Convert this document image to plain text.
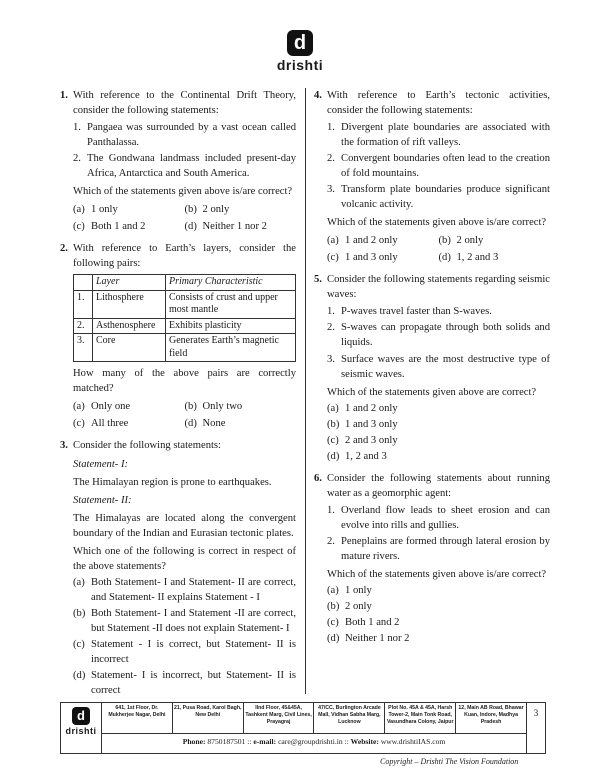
d
drishti
1. With reference to the Continental Drift Theory, consider the following statements:
1. Pangaea was surrounded by a vast ocean called Panthalassa.
2. The Gondwana landmass included present-day Africa, Antarctica and South America.
Which of the statements given above is/are correct?
(a) 1 only	(b) 2 only
(c) Both 1 and 2	(d) Neither 1 nor 2
2. With reference to Earth’s layers, consider the following pairs:
	Layer	Primary Characteristic
1.	Lithosphere	Consists of crust and upper most mantle
2.	Asthenosphere	Exhibits plasticity
3.	Core	Generates Earth’s magnetic field
How many of the above pairs are correctly matched?
(a) Only one	(b) Only two
(c) All three	(d) None
3. Consider the following statements:
Statement- I:
The Himalayan region is prone to earthquakes.
Statement- II:
The Himalayas are located along the convergent boundary of the Indian and Eurasian tectonic plates.
Which one of the following is correct in respect of the above statements?
(a) Both Statement- I and Statement- II are correct, and Statement- II explains Statement - I
(b) Both Statement- I and Statement -II are correct, but Statement -II does not explain Statement- I
(c) Statement - I is correct, but Statement- II is incorrect
(d) Statement- I is incorrect, but Statement- II is correct
4. With reference to Earth’s tectonic activities, consider the following statements:
1. Divergent plate boundaries are associated with the formation of rift valleys.
2. Convergent boundaries often lead to the creation of fold mountains.
3. Transform plate boundaries produce significant volcanic activity.
Which of the statements given above is/are correct?
(a) 1 and 2 only	(b) 2 only
(c) 1 and 3 only	(d) 1, 2 and 3
5. Consider the following statements regarding seismic waves:
1. P-waves travel faster than S-waves.
2. S-waves can propagate through both solids and liquids.
3. Surface waves are the most destructive type of seismic waves.
Which of the statements given above are correct?
(a) 1 and 2 only
(b) 1 and 3 only
(c) 2 and 3 only
(d) 1, 2 and 3
6. Consider the following statements about running water as a geomorphic agent:
1. Overland flow leads to sheet erosion and can evolve into rills and gullies.
2. Peneplains are formed through lateral erosion by mature rivers.
Which of the statements given above is/are correct?
(a) 1 only
(b) 2 only
(c) Both 1 and 2
(d) Neither 1 nor 2
d
drishti
641, 1st Floor, Dr. Mukherjee Nagar, Delhi
21, Pusa Road, Karol Bagh, New Delhi
IInd Floor, 45&45A, Tashkent Marg, Civil Lines, Prayagraj
47/CC, Burlington Arcade Mall, Vidhan Sabha Marg, Lucknow
Plot No. 45A & 45A, Harsh Tower-2, Main Tonk Road, Vasundhara Colony, Jaipur
12, Main AB Road, Bhawar Kuan, Indore, Madhya Pradesh
Phone: 8750187501 :: e-mail: care@groupdrishti.in :: Website: www.drishtiIAS.com
3
Copyright – Drishti The Vision Foundation
